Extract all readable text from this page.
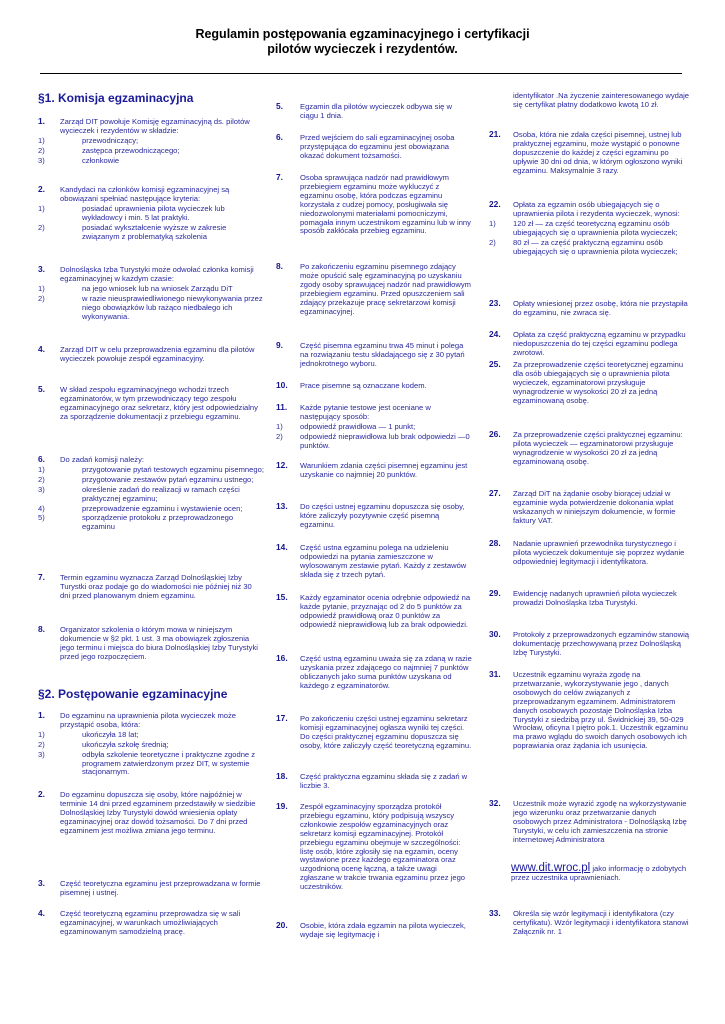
Regulamin postępowania egzaminacyjnego i certyfikacji
pilotów wycieczek i rezydentów.
§1. Komisja egzaminacyjna
1. Zarząd DIT powołuje Komisję egzaminacyjną ds. pilotów wycieczek i rezydentów w składzie:
1)	przewodniczący;
2)	zastępca przewodniczącego;
3)	członkowie
2. Kandydaci na członków komisji egzaminacyjnej są obowiązani spełniać następujące kryteria:
1)	posiadać uprawnienia pilota wycieczek lub wykładowcy i min. 5 lat praktyki.
2)	posiadać wykształcenie wyższe w zakresie związanym z problematyką szkolenia
3. Dolnośląska Izba Turystyki może odwołać członka komisji egzaminacyjnej w każdym czasie:
1)	na jego wniosek lub na wniosek Zarządu DiT
2)	w razie nieusprawiedliwionego niewykonywania przez niego obowiązków lub rażąco niedbałego ich wykonywania.
4. Zarząd DIT w celu przeprowadzenia egzaminu dla pilotów wycieczek powołuje zespół egzaminacyjny.
5. W skład zespołu egzaminacyjnego wchodzi trzech egzaminatorów, w tym przewodniczący tego zespołu egzaminacyjnego oraz sekretarz, który jest odpowiedzialny za sporządzenie dokumentacji z przebiegu egzaminu.
6. Do zadań komisji należy:
1)	przygotowanie pytań testowych egzaminu pisemnego;
2)	przygotowanie zestawów pytań egzaminu ustnego;
3)	określenie zadań do realizacji w ramach części praktycznej egzaminu;
4)	przeprowadzenie egzaminu i wystawienie ocen;
5)	sporządzenie protokołu z przeprowadzonego egzaminu
7. Termin egzaminu wyznacza Zarząd Dolnośląskiej Izby Turystki oraz podaje go do wiadomości nie później niż 30 dni przed planowanym dniem egzaminu.
8. Organizator szkolenia o którym mowa w niniejszym dokumencie w §2 pkt. 1 ust. 3 ma obowiązek zgłoszenia jego terminu i miejsca do biura Dolnośląskiej Izby Turystyki przed jego rozpoczęciem.
§2. Postępowanie egzaminacyjne
1. Do egzaminu na uprawnienia pilota wycieczek może przystąpić osoba, która:
1)	ukończyła 18 lat;
2)	ukończyła szkołę średnią;
3)	odbyła szkolenie teoretyczne i praktyczne zgodne z programem zatwierdzonym przez DIT, w systemie stacjonarnym.
2. Do egzaminu dopuszcza się osoby, które najpóźniej w terminie 14 dni przed egzaminem przedstawiły w siedzibie Dolnośląskiej Izby Turystyki dowód wniesienia opłaty egzaminacyjnej oraz dowód tożsamości. Do 7 dni przed egzaminem jest możliwa zmiana jego terminu.
3. Część teoretyczna egzaminu jest przeprowadzana w formie pisemnej i ustnej.
4. Część teoretyczną egzaminu przeprowadza się w sali egzaminacyjnej, w warunkach umożliwiających egzaminowanym samodzielną pracę.
5. Egzamin dla pilotów wycieczek odbywa się w ciągu 1 dnia.
6. Przed wejściem do sali egzaminacyjnej osoba przystępująca do egzaminu jest obowiązana okazać dokument tożsamości.
7. Osoba sprawująca nadzór nad prawidłowym przebiegiem egzaminu może wykluczyć z egzaminu osobę, która podczas egzaminu korzystała z cudzej pomocy, posługiwała się niedozwolonymi materiałami pomocniczymi, pomagała innym uczestnikom egzaminu lub w inny sposób zakłócała przebieg egzaminu.
8. Po zakończeniu egzaminu pisemnego zdający może opuścić salę egzaminacyjną po uzyskaniu zgody osoby sprawującej nadzór nad prawidłowym przebiegiem egzaminu. Przed opuszczeniem sali zdający przekazuje pracę sekretarzowi komisji egzaminacyjnej.
9. Część pisemna egzaminu trwa 45 minut i polega na rozwiązaniu testu składającego się z 30 pytań jednokrotnego wyboru.
10. Prace pisemne są oznaczane kodem.
11. Każde pytanie testowe jest oceniane w następujący sposób:
1) odpowiedź prawidłowa — 1 punkt;
2) odpowiedź nieprawidłowa lub brak odpowiedzi —0 punktów.
12. Warunkiem zdania części pisemnej egzaminu jest uzyskanie co najmniej 20 punktów.
13. Do części ustnej egzaminu dopuszcza się osoby, które zaliczyły pozytywnie część pisemną egzaminu.
14. Część ustna egzaminu polega na udzieleniu odpowiedzi na pytania zamieszczone w wylosowanym zestawie pytań. Każdy z zestawów składa się z trzech pytań.
15. Każdy egzaminator ocenia odrębnie odpowiedź na każde pytanie, przyznając od 2 do 5 punktów za odpowiedź prawidłową oraz 0 punktów za odpowiedź nieprawidłową lub za brak odpowiedzi.
16. Część ustną egzaminu uważa się za zdaną w razie uzyskania przez zdającego co najmniej 7 punktów obliczanych jako suma punktów uzyskana od każdego z egzaminatorów.
17. Po zakończeniu części ustnej egzaminu sekretarz komisji egzaminacyjnej ogłasza wyniki tej części. Do części praktycznej egzaminu dopuszcza się osoby, które zaliczyły część teoretyczną egzaminu.
18. Część praktyczna egzaminu składa się z zadań w liczbie 3.
19. Zespół egzaminacyjny sporządza protokół przebiegu egzaminu, który podpisują wszyscy członkowie zespołów egzaminacyjnych oraz sekretarz komisji egzaminacyjnej. Protokół przebiegu egzaminu obejmuje w szczególności: listę osób, które zgłosiły się na egzamin, oceny wystawione przez każdego egzaminatora oraz uzgodnioną ocenę łączną, a także uwagi zgłaszane w trakcie trwania egzaminu przez jego uczestników.
20. Osobie, która zdała egzamin na pilota wycieczek, wydaje się legitymację i
identyfikator .Na życzenie zainteresowanego wydaje się certyfikat płatny dodatkowo kwotą 10 zł.
21. Osoba, która nie zdała części pisemnej, ustnej lub praktycznej egzaminu, może wystąpić o ponowne dopuszczenie do każdej z części egzaminu po upływie 30 dni od dnia, w którym ogłoszono wyniki egzaminu. Maksymalnie 3 razy.
22. Opłata za egzamin osób ubiegających się o uprawnienia pilota i rezydenta wycieczek, wynosi:
1) 120 zł — za część teoretyczną egzaminu osób ubiegających się o uprawnienia pilota wycieczek;
2) 80 zł — za część praktyczną egzaminu osób ubiegających się o uprawnienia pilota wycieczek;
23. Opłaty wniesionej przez osobę, która nie przystąpiła do egzaminu, nie zwraca się.
24. Opłata za część praktyczną egzaminu w przypadku niedopuszczenia do tej części egzaminu podlega zwrotowi.
25. Za przeprowadzenie części teoretycznej egzaminu dla osób ubiegających się o uprawnienia pilota wycieczek, egzaminatorowi przysługuje wynagrodzenie w wysokości 20 zł za jedną egzaminowaną osobę.
26. Za przeprowadzenie części praktycznej egzaminu: pilota wycieczek — egzaminatorowi przysługuje wynagrodzenie w wysokości 20 zł za jedną egzaminowaną osobę.
27. Zarząd DiT na żądanie osoby biorącej udział w egzaminie wyda potwierdzenie dokonania wpłat wskazanych w niniejszym dokumencie, w formie faktury VAT.
28. Nadanie uprawnień przewodnika turystycznego i pilota wycieczek dokumentuje się poprzez wydanie odpowiedniej legitymacji i identyfikatora.
29. Ewidencję nadanych uprawnień pilota wycieczek prowadzi Dolnośląska Izba Turystyki.
30. Protokoły z przeprowadzonych egzaminów stanowią dokumentację przechowywaną przez Dolnośląską Izbę Turystyki.
31. Uczestnik egzaminu wyraża zgodę na przetwarzanie, wykorzystywanie jego , danych osobowych do celów związanych z przeprowadzanym egzaminem. Administratorem danych osobowych pozostaje Dolnośląska Izba Turystyki z siedzibą przy ul. Świdnickiej 39, 50-029 Wrocław, oficyna I piętro pok.1. Uczestnik egzaminu ma prawo wglądu do swoich danych osobowych ich poprawiania oraz żądania ich usunięcia.
32. Uczestnik może wyrazić zgodę na wykorzystywanie jego wizerunku oraz przetwarzanie danych osobowych przez Administratora - Dolnośląską Izbę Turystyki, w celu ich zamieszczenia na stronie internetowej Administratora
www.dit.wroc.pl jako informację o zdobytych przez uczestnika uprawnieniach.
33. Określa się wzór legitymacji i identyfikatora (czy certyfikatu). Wzór legitymacji i identyfikatora stanowi Załącznik nr. 1
